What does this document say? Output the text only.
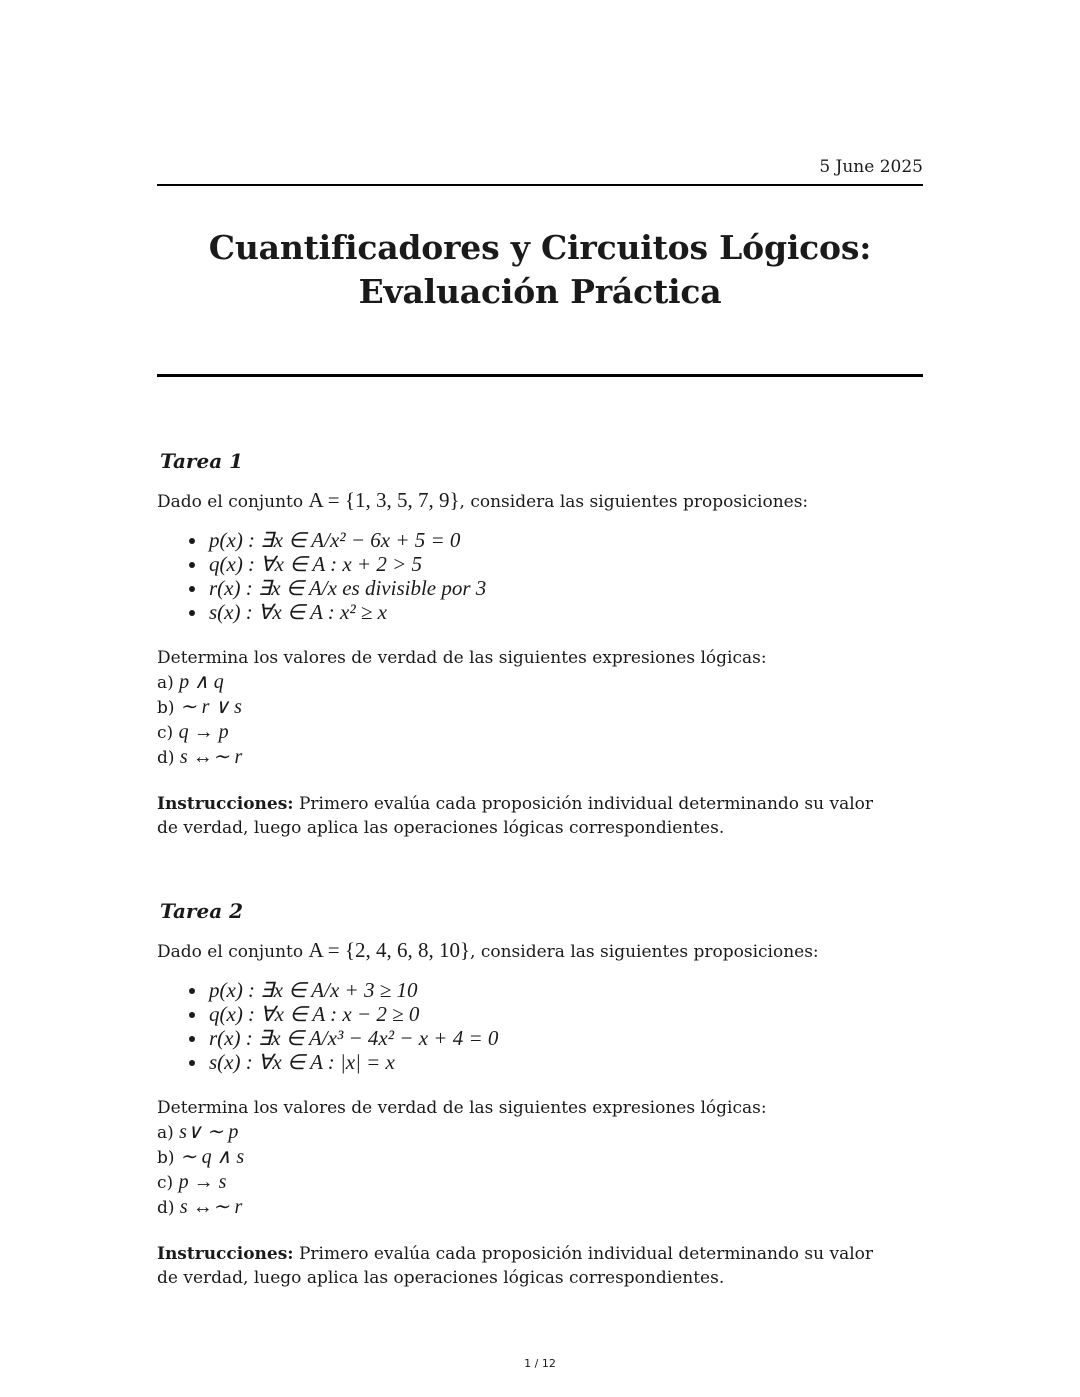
5 June 2025
Cuantificadores y Circuitos Lógicos: Evaluación Práctica
Tarea 1
Dado el conjunto A = {1, 3, 5, 7, 9}, considera las siguientes proposiciones:
p(x) : ∃x ∈ A/x² − 6x + 5 = 0
q(x) : ∀x ∈ A : x + 2 > 5
r(x) : ∃x ∈ A/x es divisible por 3
s(x) : ∀x ∈ A : x² ≥ x
Determina los valores de verdad de las siguientes expresiones lógicas:
a) p ∧ q
b) ∼ r ∨ s
c) q → p
d) s ↔∼ r
Instrucciones: Primero evalúa cada proposición individual determinando su valor de verdad, luego aplica las operaciones lógicas correspondientes.
Tarea 2
Dado el conjunto A = {2, 4, 6, 8, 10}, considera las siguientes proposiciones:
p(x) : ∃x ∈ A/x + 3 ≥ 10
q(x) : ∀x ∈ A : x − 2 ≥ 0
r(x) : ∃x ∈ A/x³ − 4x² − x + 4 = 0
s(x) : ∀x ∈ A : |x| = x
Determina los valores de verdad de las siguientes expresiones lógicas:
a) s∨ ∼ p
b) ∼ q ∧ s
c) p → s
d) s ↔∼ r
Instrucciones: Primero evalúa cada proposición individual determinando su valor de verdad, luego aplica las operaciones lógicas correspondientes.
1 / 12
